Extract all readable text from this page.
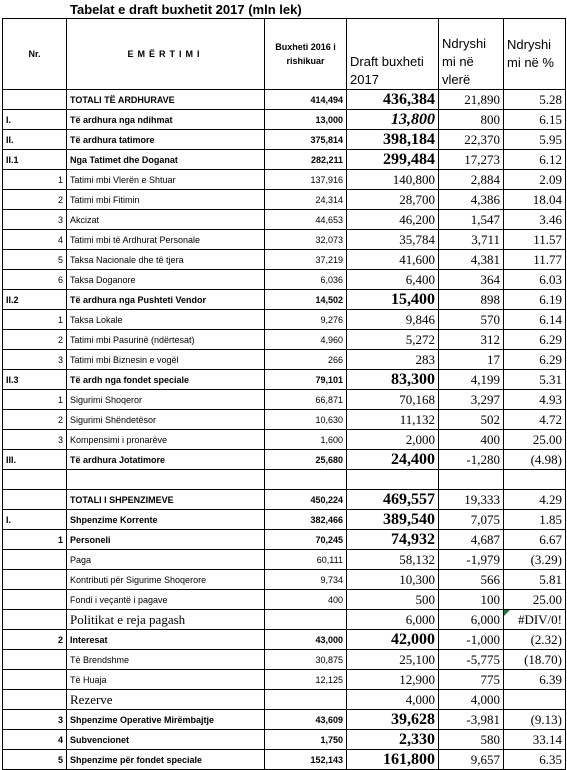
Tabelat e draft buxhetit 2017 (mln lek)
Nr.	EMËRTIMI	Buxheti 2016 i rishikuar	Draft buxheti 2017	Ndryshi mi në vlerë	Ndryshi mi në %
	TOTALI TË ARDHURAVE	414,494	436,384	21,890	5.28
I.	Të ardhura nga ndihmat	13,000	13,800	800	6.15
II.	Të ardhura tatimore	375,814	398,184	22,370	5.95
II.1	Nga Tatimet dhe Doganat	282,211	299,484	17,273	6.12
1	Tatimi mbi Vlerën e Shtuar	137,916	140,800	2,884	2.09
2	Tatimi mbi Fitimin	24,314	28,700	4,386	18.04
3	Akcizat	44,653	46,200	1,547	3.46
4	Tatimi mbi të Ardhurat Personale	32,073	35,784	3,711	11.57
5	Taksa Nacionale dhe të tjera	37,219	41,600	4,381	11.77
6	Taksa Doganore	6,036	6,400	364	6.03
II.2	Të ardhura nga Pushteti Vendor	14,502	15,400	898	6.19
1	Taksa Lokale	9,276	9,846	570	6.14
2	Tatimi mbi Pasurinë (ndërtesat)	4,960	5,272	312	6.29
3	Tatimi mbi Biznesin e vogël	266	283	17	6.29
II.3	Të ardh nga fondet speciale	79,101	83,300	4,199	5.31
1	Sigurimi Shoqeror	66,871	70,168	3,297	4.93
2	Sigurimi Shëndetësor	10,630	11,132	502	4.72
3	Kompensimi i pronarëve	1,600	2,000	400	25.00
III.	Të ardhura Jotatimore	25,680	24,400	-1,280	(4.98)

	TOTALI I SHPENZIMEVE	450,224	469,557	19,333	4.29
I.	Shpenzime Korrente	382,466	389,540	7,075	1.85
1	Personeli	70,245	74,932	4,687	6.67
	Paga	60,111	58,132	-1,979	(3.29)
	Kontributi për Sigurime Shoqerore	9,734	10,300	566	5.81
	Fondi i veçantë i pagave	400	500	100	25.00
	Politikat e reja pagash		6,000	6,000	#DIV/0!
2	Interesat	43,000	42,000	-1,000	(2.32)
	Të Brendshme	30,875	25,100	-5,775	(18.70)
	Të Huaja	12,125	12,900	775	6.39
	Rezerve		4,000	4,000	
3	Shpenzime Operative Mirëmbajtje	43,609	39,628	-3,981	(9.13)
4	Subvencionet	1,750	2,330	580	33.14
5	Shpenzime për fondet speciale	152,143	161,800	9,657	6.35
